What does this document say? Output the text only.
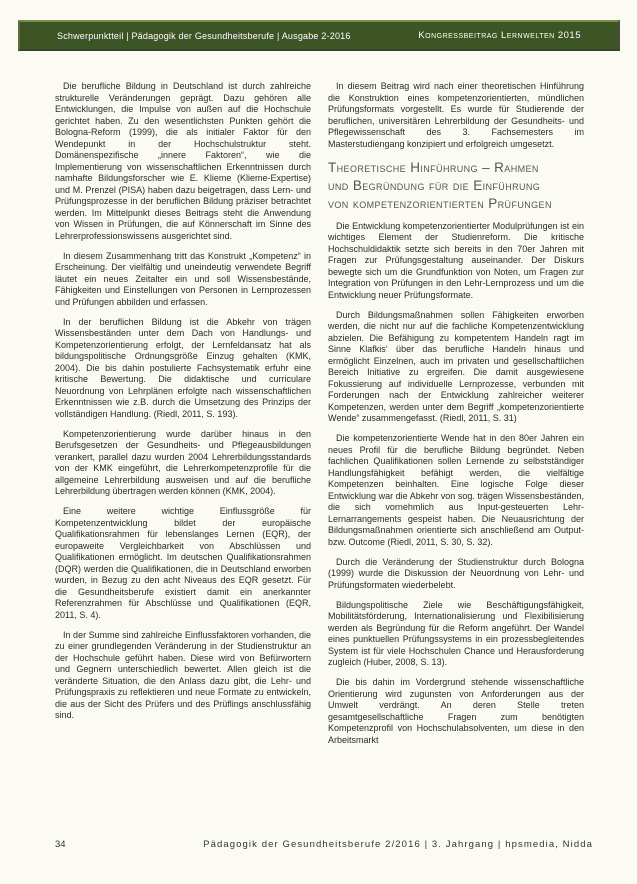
Schwerpunktteil | Pädagogik der Gesundheitsberufe | Ausgabe 2-2016	Kongressbeitrag Lernwelten 2015

Die berufliche Bildung in Deutschland ist durch zahlreiche strukturelle Veränderungen geprägt. Dazu gehören alle Entwicklungen, die Impulse von außen auf die Hochschule gerichtet haben. Zu den wesentlichsten Punkten gehört die Bologna-Reform (1999), die als initialer Faktor für den Wendepunkt in der Hochschulstruktur steht. Domänenspezifische „innere Faktoren“, wie die Implementierung von wissenschaftlichen Erkenntnissen durch namhafte Bildungsforscher wie E. Klieme (Klieme-Expertise) und M. Prenzel (PISA) haben dazu beigetragen, dass Lern- und Prüfungsprozesse in der beruflichen Bildung präziser betrachtet werden. Im Mittelpunkt dieses Beitrags steht die Anwendung von Wissen in Prüfungen, die auf Könnerschaft im Sinne des Lehrerprofessionswissens ausgerichtet sind.

In diesem Zusammenhang tritt das Konstrukt „Kompetenz“ in Erscheinung. Der vielfältig und uneindeutig verwendete Begriff läutet ein neues Zeitalter ein und soll Wissensbestände, Fähigkeiten und Einstellungen von Personen in Lernprozessen und Prüfungen abbilden und erfassen.

In der beruflichen Bildung ist die Abkehr von trägen Wissensbeständen unter dem Dach von Handlungs- und Kompetenzorientierung erfolgt, der Lernfeldansatz hat als bildungspolitische Ordnungsgröße Einzug gehalten (KMK, 2004). Die bis dahin postulierte Fachsystematik erfuhr eine kritische Bewertung. Die didaktische und curriculare Neuordnung von Lehrplänen erfolgte nach wissenschaftlichen Erkenntnissen wie z.B. durch die Umsetzung des Prinzips der vollständigen Handlung. (Riedl, 2011, S. 193).

Kompetenzorientierung wurde darüber hinaus in den Berufsgesetzen der Gesundheits- und Pflegeausbildungen verankert, parallel dazu wurden 2004 Lehrerbildungsstandards von der KMK eingeführt, die Lehrerkompetenzprofile für die allgemeine Lehrerbildung ausweisen und auf die berufliche Lehrerbildung übertragen werden können (KMK, 2004).

Eine weitere wichtige Einflussgröße für Kompetenzentwicklung bildet der europäische Qualifikationsrahmen für lebenslanges Lernen (EQR), der europaweite Vergleichbarkeit von Abschlüssen und Qualifikationen ermöglicht. Im deutschen Qualifikationsrahmen (DQR) werden die Qualifikationen, die in Deutschland erworben wurden, in Bezug zu den acht Niveaus des EQR gesetzt. Für die Gesundheitsberufe existiert damit ein anerkannter Referenzrahmen für Abschlüsse und Qualifikationen (EQR, 2011, S. 4).

In der Summe sind zahlreiche Einflussfaktoren vorhanden, die zu einer grundlegenden Veränderung in der Studienstruktur an der Hochschule geführt haben. Diese wird von Befürwortern und Gegnern unterschiedlich bewertet. Allen gleich ist die veränderte Situation, die den Anlass dazu gibt, die Lehr- und Prüfungspraxis zu reflektieren und neue Formate zu entwickeln, die aus der Sicht des Prüfers und des Prüflings anschlussfähig sind.

In diesem Beitrag wird nach einer theoretischen Hinführung die Konstruktion eines kompetenzorientierten, mündlichen Prüfungsformats vorgestellt. Es wurde für Studierende der beruflichen, universitären Lehrerbildung der Gesundheits- und Pflegewissenschaft des 3. Fachsemesters im Masterstudiengang konzipiert und erfolgreich umgesetzt.

Theoretische Hinführung – Rahmen
und Begründung für die Einführung
von kompetenzorientierten Prüfungen

Die Entwicklung kompetenzorientierter Modulprüfungen ist ein wichtiges Element der Studienreform. Die kritische Hochschuldidaktik setzte sich bereits in den 70er Jahren mit Fragen zur Prüfungsgestaltung auseinander. Der Diskurs bewegte sich um die Grundfunktion von Noten, um Fragen zur Integration von Prüfungen in den Lehr-Lernprozess und um die Entwicklung neuer Prüfungsformate.

Durch Bildungsmaßnahmen sollen Fähigkeiten erworben werden, die nicht nur auf die fachliche Kompetenzentwicklung abzielen. Die Befähigung zu kompetentem Handeln ragt im Sinne Klafkis‘ über das berufliche Handeln hinaus und ermöglicht Einzelnen, auch im privaten und gesellschaftlichen Bereich Initiative zu ergreifen. Die damit ausgewiesene Fokussierung auf individuelle Lernprozesse, verbunden mit Forderungen nach der Entwicklung zahlreicher weiterer Kompetenzen, werden unter dem Begriff „kompetenzorientierte Wende“ zusammengefasst. (Riedl, 2011, S. 31)

Die kompetenzorientierte Wende hat in den 80er Jahren ein neues Profil für die berufliche Bildung begründet. Neben fachlichen Qualifikationen sollen Lernende zu selbstständiger Handlungsfähigkeit befähigt werden, die vielfältige Kompetenzen beinhalten. Eine logische Folge dieser Entwicklung war die Abkehr von sog. trägen Wissensbeständen, die sich vornehmlich aus Input-gesteuerten Lehr-Lernarrangements gespeist haben. Die Neuausrichtung der Bildungsmaßnahmen orientierte sich anschließend am Output- bzw. Outcome (Riedl, 2011, S. 30, S. 32).

Durch die Veränderung der Studienstruktur durch Bologna (1999) wurde die Diskussion der Neuordnung von Lehr- und Prüfungsformaten wiederbelebt.

Bildungspolitische Ziele wie Beschäftigungsfähigkeit, Mobilitätsförderung, Internationalisierung und Flexibilisierung werden als Begründung für die Reform angeführt. Der Wandel eines punktuellen Prüfungssystems in ein prozessbegleitendes System ist für viele Hochschulen Chance und Herausforderung zugleich (Huber, 2008, S. 13).

Die bis dahin im Vordergrund stehende wissenschaftliche Orientierung wird zugunsten von Anforderungen aus der Umwelt verdrängt. An deren Stelle treten gesamtgesellschaftliche Fragen zum benötigten Kompetenzprofil von Hochschulabsolventen, um diese in den Arbeitsmarkt

34	Pädagogik der Gesundheitsberufe 2/2016 | 3. Jahrgang | hpsmedia, Nidda
